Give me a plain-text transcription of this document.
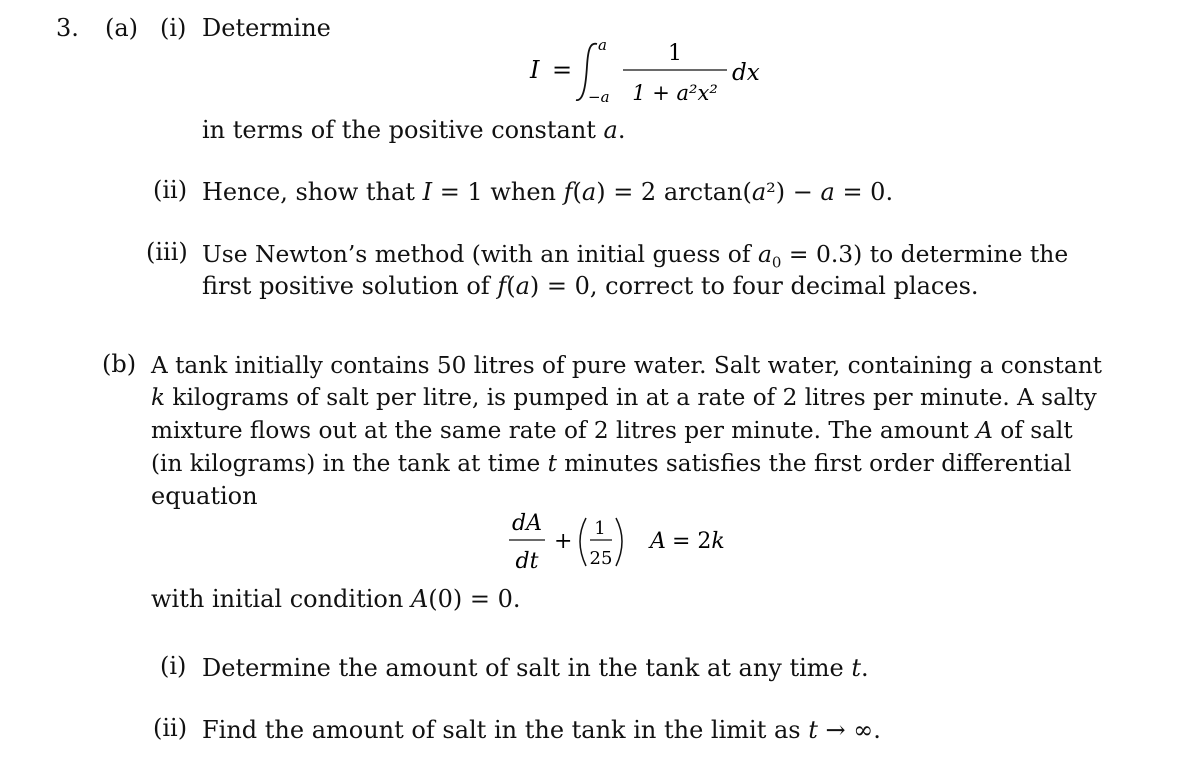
3. (a) (i) Determine
I =
a
−a
1
1 + a²x²
dx
in terms of the positive constant a.
(ii) Hence, show that I = 1 when f(a) = 2 arctan(a²) − a = 0.
(iii) Use Newton’s method (with an initial guess of $a_0 = 0.3$) to determine the
first positive solution of f(a) = 0, correct to four decimal places.
(b) A tank initially contains 50 litres of pure water. Salt water, containing a constant
k kilograms of salt per litre, is pumped in at a rate of 2 litres per minute. A salty
mixture flows out at the same rate of 2 litres per minute. The amount A of salt
(in kilograms) in the tank at time t minutes satisfies the first order differential
equation
dA
dt
+
1
25
A = 2k
with initial condition A(0) = 0.
(i) Determine the amount of salt in the tank at any time t.
(ii) Find the amount of salt in the tank in the limit as t → ∞.
